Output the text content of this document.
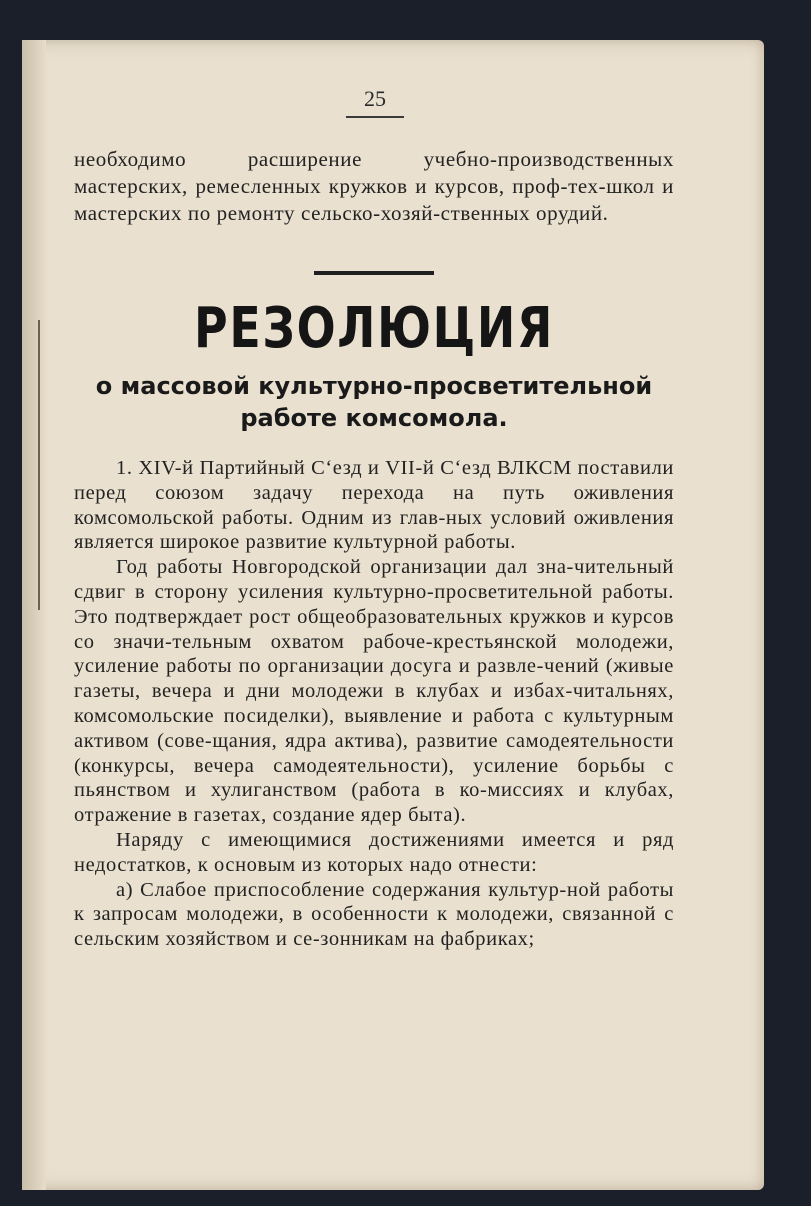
25

необходимо расширение учебно-производственных мастерских, ремесленных кружков и курсов, проф-тех-школ и мастерских по ремонту сельско-хозяй-ственных орудий.

РЕЗОЛЮЦИЯ
о массовой культурно-просветительной
работе комсомола.

1. XIV-й Партийный С‘езд и VII-й С‘езд ВЛКСМ поставили перед союзом задачу перехода на путь оживления комсомольской работы. Одним из глав-ных условий оживления является широкое развитие культурной работы.

Год работы Новгородской организации дал зна-чительный сдвиг в сторону усиления культурно-просветительной работы. Это подтверждает рост общеобразовательных кружков и курсов со значи-тельным охватом рабоче-крестьянской молодежи, усиление работы по организации досуга и развле-чений (живые газеты, вечера и дни молодежи в клубах и избах-читальнях, комсомольские посиделки), выявление и работа с культурным активом (сове-щания, ядра актива), развитие самодеятельности (конкурсы, вечера самодеятельности), усиление борьбы с пьянством и хулиганством (работа в ко-миссиях и клубах, отражение в газетах, создание ядер быта).

Наряду с имеющимися достижениями имеется и ряд недостатков, к основым из которых надо отнести:

а) Слабое приспособление содержания культур-ной работы к запросам молодежи, в особенности к молодежи, связанной с сельским хозяйством и се-зонникам на фабриках;
